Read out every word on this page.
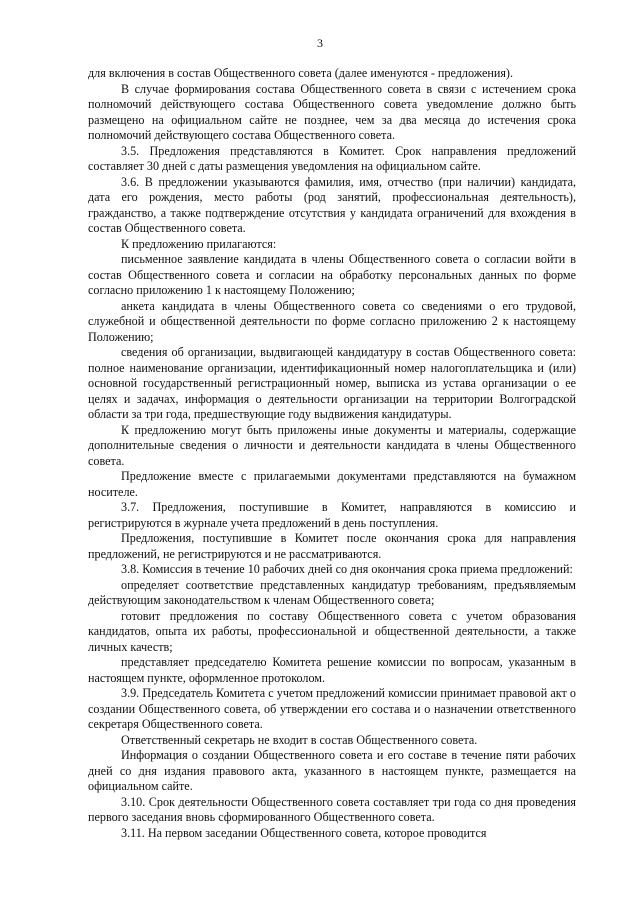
3

для включения в состав Общественного совета (далее именуются - предложения).

В случае формирования состава Общественного совета в связи с истечением срока полномочий действующего состава Общественного совета уведомление должно быть размещено на официальном сайте не позднее, чем за два месяца до истечения срока полномочий действующего состава Общественного совета.

3.5. Предложения представляются в Комитет. Срок направления предложений составляет 30 дней с даты размещения уведомления на официальном сайте.

3.6. В предложении указываются фамилия, имя, отчество (при наличии) кандидата, дата его рождения, место работы (род занятий, профессиональная деятельность), гражданство, а также подтверждение отсутствия у кандидата ограничений для вхождения в состав Общественного совета.

К предложению прилагаются:

письменное заявление кандидата в члены Общественного совета о согласии войти в состав Общественного совета и согласии на обработку персональных данных по форме согласно приложению 1 к настоящему Положению;

анкета кандидата в члены Общественного совета со сведениями о его трудовой, служебной и общественной деятельности по форме согласно приложению 2 к настоящему Положению;

сведения об организации, выдвигающей кандидатуру в состав Общественного совета: полное наименование организации, идентификационный номер налогоплательщика и (или) основной государственный регистрационный номер, выписка из устава организации о ее целях и задачах, информация о деятельности организации на территории Волгоградской области за три года, предшествующие году выдвижения кандидатуры.

К предложению могут быть приложены иные документы и материалы, содержащие дополнительные сведения о личности и деятельности кандидата в члены Общественного совета.

Предложение вместе с прилагаемыми документами представляются на бумажном носителе.

3.7. Предложения, поступившие в Комитет, направляются в комиссию и регистрируются в журнале учета предложений в день поступления.

Предложения, поступившие в Комитет после окончания срока для направления предложений, не регистрируются и не рассматриваются.

3.8. Комиссия в течение 10 рабочих дней со дня окончания срока приема предложений:

определяет соответствие представленных кандидатур требованиям, предъявляемым действующим законодательством к членам Общественного совета;

готовит предложения по составу Общественного совета с учетом образования кандидатов, опыта их работы, профессиональной и общественной деятельности, а также личных качеств;

представляет председателю Комитета решение комиссии по вопросам, указанным в настоящем пункте, оформленное протоколом.

3.9. Председатель Комитета с учетом предложений комиссии принимает правовой акт о создании Общественного совета, об утверждении его состава и о назначении ответственного секретаря Общественного совета.

Ответственный секретарь не входит в состав Общественного совета.

Информация о создании Общественного совета и его составе в течение пяти рабочих дней со дня издания правового акта, указанного в настоящем пункте, размещается на официальном сайте.

3.10. Срок деятельности Общественного совета составляет три года со дня проведения первого заседания вновь сформированного Общественного совета.

3.11. На первом заседании Общественного совета, которое проводится
